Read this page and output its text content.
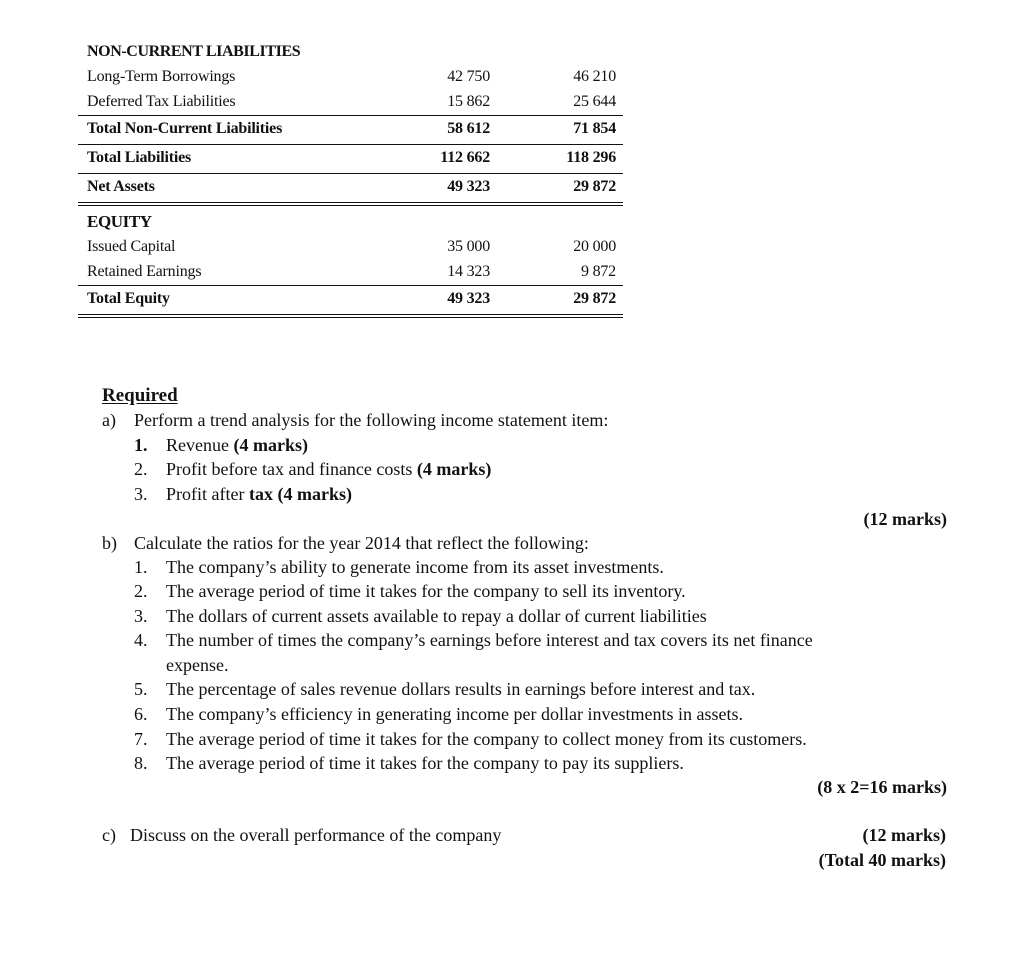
NON-CURRENT LIABILITIES
Long-Term Borrowings	42 750	46 210
Deferred Tax Liabilities	15 862	25 644
Total Non-Current Liabilities	58 612	71 854
Total Liabilities	112 662	118 296
Net Assets	49 323	29 872
EQUITY
Issued Capital	35 000	20 000
Retained Earnings	14 323	9 872
Total Equity	49 323	29 872
Required
a) Perform a trend analysis for the following income statement item:
1. Revenue (4 marks)
2. Profit before tax and finance costs (4 marks)
3. Profit after tax (4 marks)
(12 marks)
b) Calculate the ratios for the year 2014 that reflect the following:
1. The company’s ability to generate income from its asset investments.
2. The average period of time it takes for the company to sell its inventory.
3. The dollars of current assets available to repay a dollar of current liabilities
4. The number of times the company’s earnings before interest and tax covers its net finance
expense.
5. The percentage of sales revenue dollars results in earnings before interest and tax.
6. The company’s efficiency in generating income per dollar investments in assets.
7. The average period of time it takes for the company to collect money from its customers.
8. The average period of time it takes for the company to pay its suppliers.
(8 x 2=16 marks)
c) Discuss on the overall performance of the company	(12 marks)
(Total 40 marks)
